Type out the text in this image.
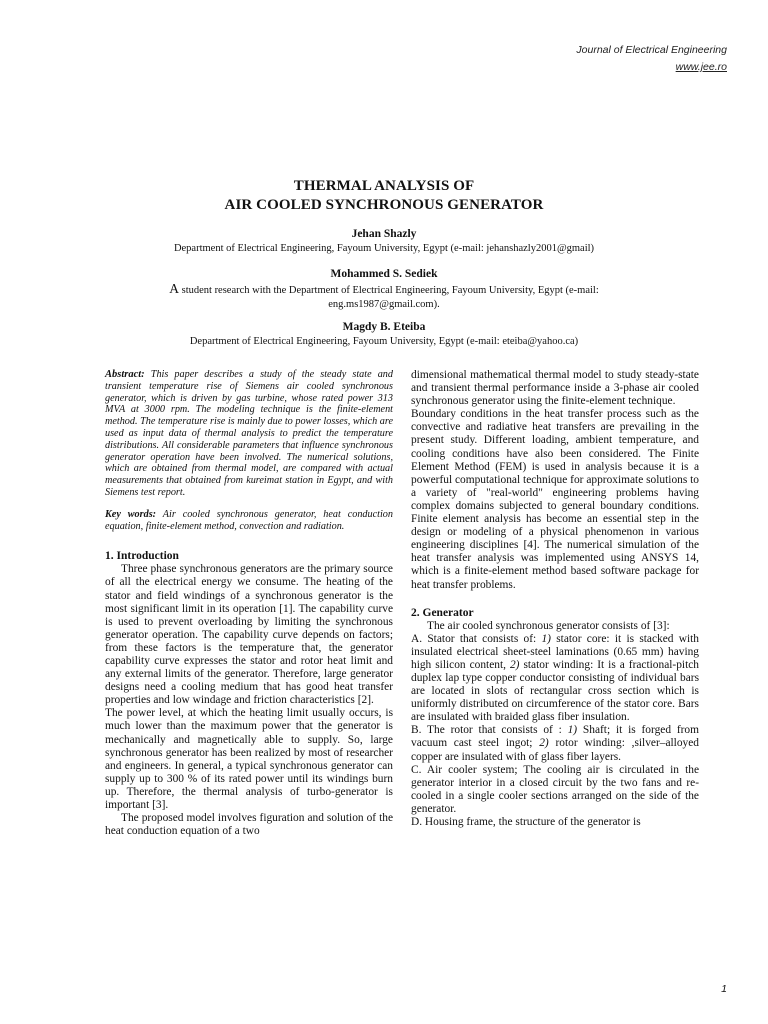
Journal of Electrical Engineering
www.jee.ro
THERMAL ANALYSIS OF
AIR COOLED SYNCHRONOUS GENERATOR
Jehan Shazly
Department of Electrical Engineering, Fayoum University, Egypt (e-mail: jehanshazly2001@gmail)
Mohammed S. Sediek
A student research with the Department of Electrical Engineering, Fayoum University, Egypt (e-mail: eng.ms1987@gmail.com).
Magdy B. Eteiba
Department of Electrical Engineering, Fayoum University, Egypt (e-mail: eteiba@yahoo.ca)

Abstract: This paper describes a study of the steady state and transient temperature rise of Siemens air cooled synchronous generator, which is driven by gas turbine, whose rated power 313 MVA at 3000 rpm. The modeling technique is the finite-element method. The temperature rise is mainly due to power losses, which are used as input data of thermal analysis to predict the temperature distributions. All considerable parameters that influence synchronous generator operation have been involved. The numerical solutions, which are obtained from thermal model, are compared with actual measurements that obtained from kureimat station in Egypt, and with Siemens test report.

Key words: Air cooled synchronous generator, heat conduction equation, finite-element method, convection and radiation.

1. Introduction

Three phase synchronous generators are the primary source of all the electrical energy we consume. The heating of the stator and field windings of a synchronous generator is the most significant limit in its operation [1]. The capability curve is used to prevent overloading by limiting the synchronous generator operation. The capability curve depends on factors; from these factors is the temperature that, the generator capability curve expresses the stator and rotor heat limit and any external limits of the generator. Therefore, large generator designs need a cooling medium that has good heat transfer properties and low windage and friction characteristics [2].

The power level, at which the heating limit usually occurs, is much lower than the maximum power that the generator is mechanically and magnetically able to supply. So, large synchronous generator has been realized by most of researcher and engineers. In general, a typical synchronous generator can supply up to 300 % of its rated power until its windings burn up. Therefore, the thermal analysis of turbo-generator is important [3].

The proposed model involves figuration and solution of the heat conduction equation of a two

dimensional mathematical thermal model to study steady-state and transient thermal performance inside a 3-phase air cooled synchronous generator using the finite-element technique.

Boundary conditions in the heat transfer process such as the convective and radiative heat transfers are prevailing in the present study. Different loading, ambient temperature, and cooling conditions have also been considered. The Finite Element Method (FEM) is used in analysis because it is a powerful computational technique for approximate solutions to a variety of "real-world" engineering problems having complex domains subjected to general boundary conditions. Finite element analysis has become an essential step in the design or modeling of a physical phenomenon in various engineering disciplines [4]. The numerical simulation of the heat transfer analysis was implemented using ANSYS 14, which is a finite-element method based software package for heat transfer problems.

2. Generator

The air cooled synchronous generator consists of [3]:

A. Stator that consists of: 1) stator core: it is stacked with insulated electrical sheet-steel laminations (0.65 mm) having high silicon content, 2) stator winding: It is a fractional-pitch duplex lap type copper conductor consisting of individual bars are located in slots of rectangular cross section which is uniformly distributed on circumference of the stator core. Bars are insulated with braided glass fiber insulation.

B. The rotor that consists of : 1) Shaft; it is forged from vacuum cast steel ingot; 2) rotor winding: ,silver–alloyed copper are insulated with of glass fiber layers.

C. Air cooler system; The cooling air is circulated in the generator interior in a closed circuit by the two fans and re-cooled in a single cooler sections arranged on the side of the generator.

D. Housing frame, the structure of the generator is

1
